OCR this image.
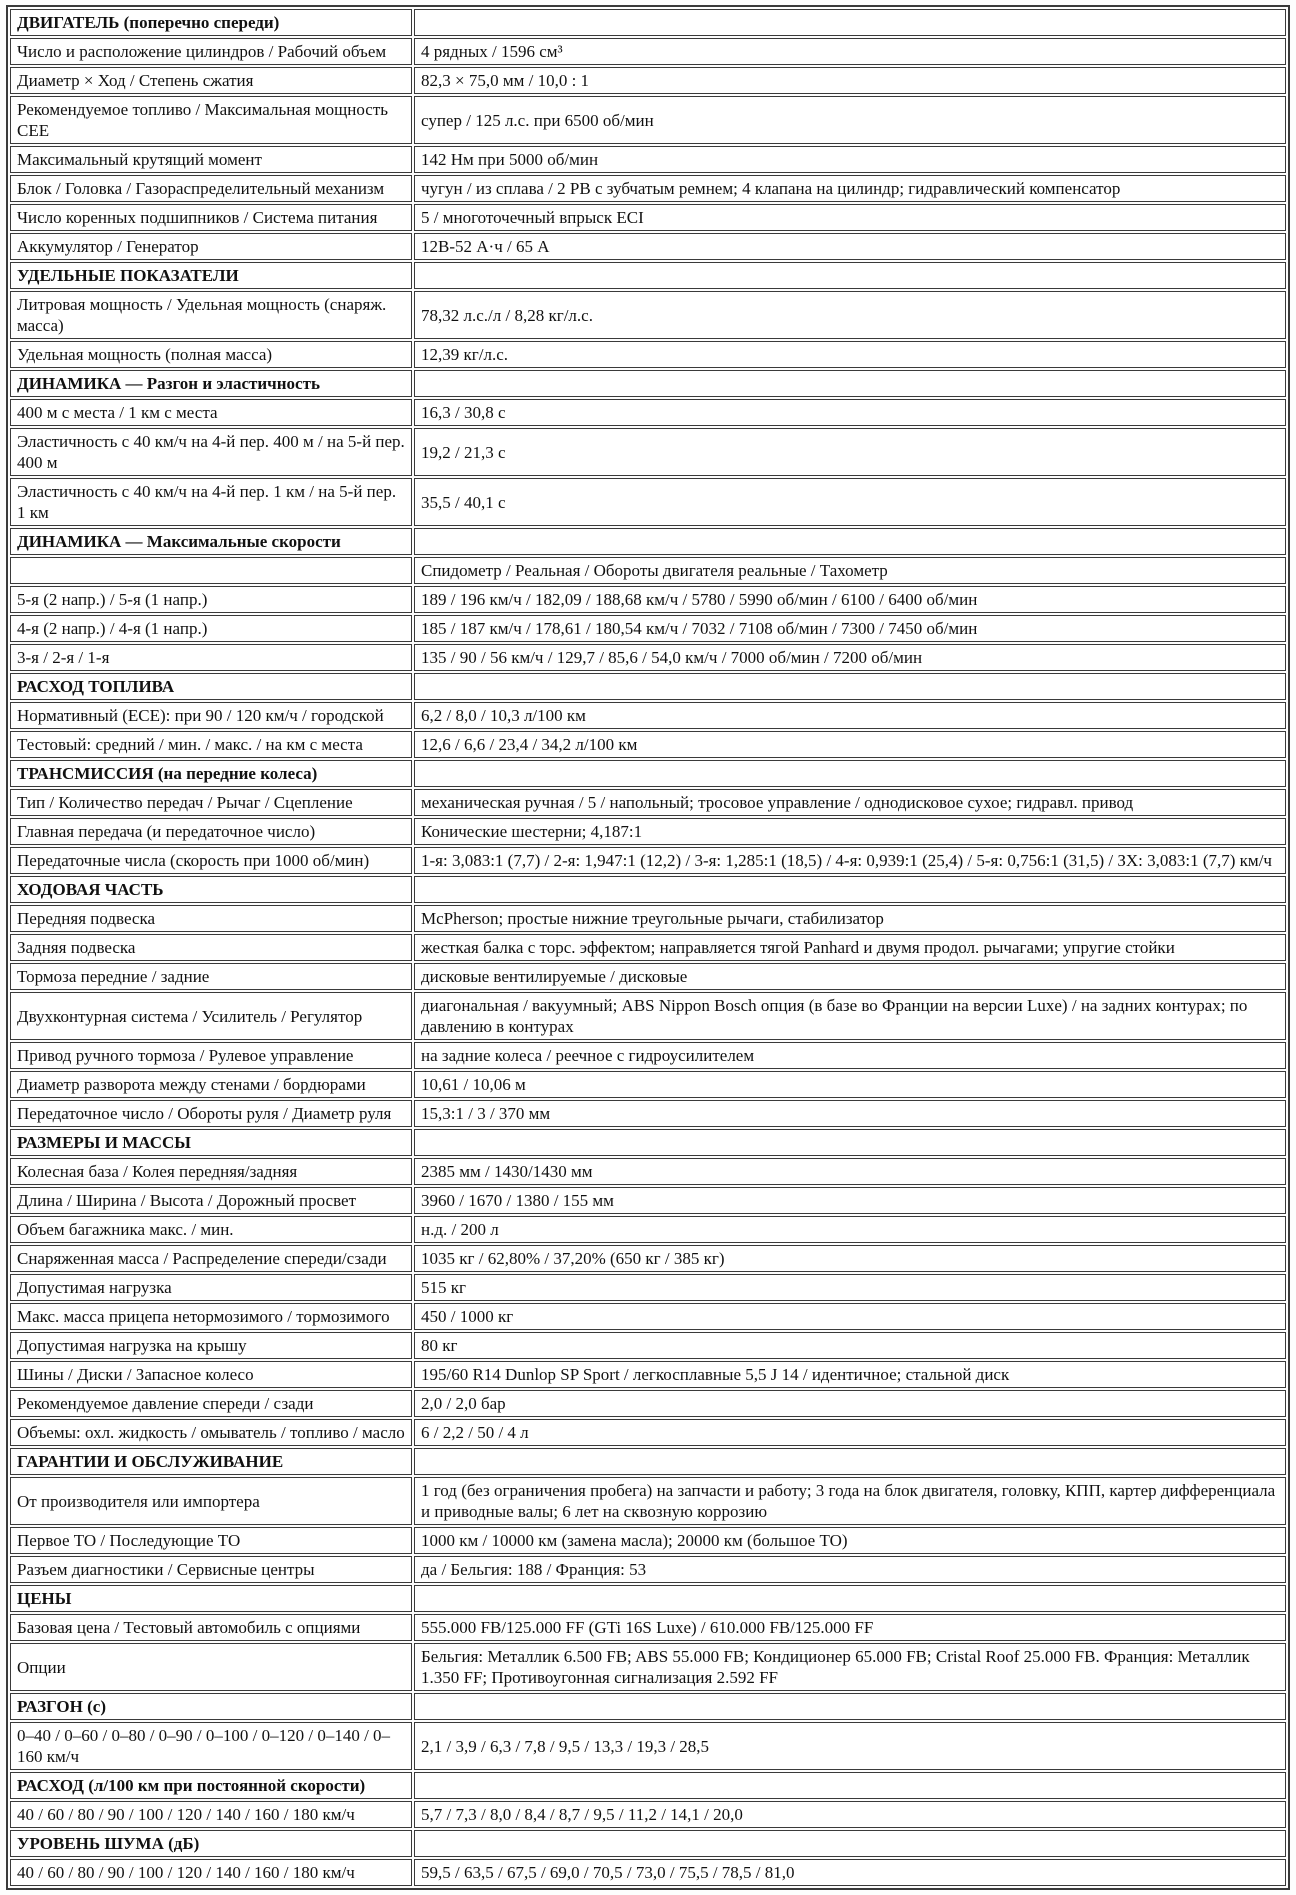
ДВИГАТЕЛЬ (поперечно спереди)	
Число и расположение цилиндров / Рабочий объем	4 рядных / 1596 см³
Диаметр × Ход / Степень сжатия	82,3 × 75,0 мм / 10,0 : 1
Рекомендуемое топливо / Максимальная мощность CEE	супер / 125 л.с. при 6500 об/мин
Максимальный крутящий момент	142 Нм при 5000 об/мин
Блок / Головка / Газораспределительный механизм	чугун / из сплава / 2 РВ с зубчатым ремнем; 4 клапана на цилиндр; гидравлический компенсатор
Число коренных подшипников / Система питания	5 / многоточечный впрыск ECI
Аккумулятор / Генератор	12В-52 А·ч / 65 А
УДЕЛЬНЫЕ ПОКАЗАТЕЛИ	
Литровая мощность / Удельная мощность (снаряж. масса)	78,32 л.с./л / 8,28 кг/л.с.
Удельная мощность (полная масса)	12,39 кг/л.с.
ДИНАМИКА — Разгон и эластичность	
400 м с места / 1 км с места	16,3 / 30,8 с
Эластичность с 40 км/ч на 4-й пер. 400 м / на 5-й пер. 400 м	19,2 / 21,3 с
Эластичность с 40 км/ч на 4-й пер. 1 км / на 5-й пер. 1 км	35,5 / 40,1 с
ДИНАМИКА — Максимальные скорости	
	Спидометр / Реальная / Обороты двигателя реальные / Тахометр
5-я (2 напр.) / 5-я (1 напр.)	189 / 196 км/ч / 182,09 / 188,68 км/ч / 5780 / 5990 об/мин / 6100 / 6400 об/мин
4-я (2 напр.) / 4-я (1 напр.)	185 / 187 км/ч / 178,61 / 180,54 км/ч / 7032 / 7108 об/мин / 7300 / 7450 об/мин
3-я / 2-я / 1-я	135 / 90 / 56 км/ч / 129,7 / 85,6 / 54,0 км/ч / 7000 об/мин / 7200 об/мин
РАСХОД ТОПЛИВА	
Нормативный (ЕСЕ): при 90 / 120 км/ч / городской	6,2 / 8,0 / 10,3 л/100 км
Тестовый: средний / мин. / макс. / на км с места	12,6 / 6,6 / 23,4 / 34,2 л/100 км
ТРАНСМИССИЯ (на передние колеса)	
Тип / Количество передач / Рычаг / Сцепление	механическая ручная / 5 / напольный; тросовое управление / однодисковое сухое; гидравл. привод
Главная передача (и передаточное число)	Конические шестерни; 4,187:1
Передаточные числа (скорость при 1000 об/мин)	1-я: 3,083:1 (7,7) / 2-я: 1,947:1 (12,2) / 3-я: 1,285:1 (18,5) / 4-я: 0,939:1 (25,4) / 5-я: 0,756:1 (31,5) / ЗХ: 3,083:1 (7,7) км/ч
ХОДОВАЯ ЧАСТЬ	
Передняя подвеска	McPherson; простые нижние треугольные рычаги, стабилизатор
Задняя подвеска	жесткая балка с торс. эффектом; направляется тягой Panhard и двумя продол. рычагами; упругие стойки
Тормоза передние / задние	дисковые вентилируемые / дисковые
Двухконтурная система / Усилитель / Регулятор	диагональная / вакуумный; ABS Nippon Bosch опция (в базе во Франции на версии Luxe) / на задних контурах; по давлению в контурах
Привод ручного тормоза / Рулевое управление	на задние колеса / реечное с гидроусилителем
Диаметр разворота между стенами / бордюрами	10,61 / 10,06 м
Передаточное число / Обороты руля / Диаметр руля	15,3:1 / 3 / 370 мм
РАЗМЕРЫ И МАССЫ	
Колесная база / Колея передняя/задняя	2385 мм / 1430/1430 мм
Длина / Ширина / Высота / Дорожный просвет	3960 / 1670 / 1380 / 155 мм
Объем багажника макс. / мин.	н.д. / 200 л
Снаряженная масса / Распределение спереди/сзади	1035 кг / 62,80% / 37,20% (650 кг / 385 кг)
Допустимая нагрузка	515 кг
Макс. масса прицепа нетормозимого / тормозимого	450 / 1000 кг
Допустимая нагрузка на крышу	80 кг
Шины / Диски / Запасное колесо	195/60 R14 Dunlop SP Sport / легкосплавные 5,5 J 14 / идентичное; стальной диск
Рекомендуемое давление спереди / сзади	2,0 / 2,0 бар
Объемы: охл. жидкость / омыватель / топливо / масло	6 / 2,2 / 50 / 4 л
ГАРАНТИИ И ОБСЛУЖИВАНИЕ	
От производителя или импортера	1 год (без ограничения пробега) на запчасти и работу; 3 года на блок двигателя, головку, КПП, картер дифференциала и приводные валы; 6 лет на сквозную коррозию
Первое ТО / Последующие ТО	1000 км / 10000 км (замена масла); 20000 км (большое ТО)
Разъем диагностики / Сервисные центры	да / Бельгия: 188 / Франция: 53
ЦЕНЫ	
Базовая цена / Тестовый автомобиль с опциями	555.000 FB/125.000 FF (GTi 16S Luxe) / 610.000 FB/125.000 FF
Опции	Бельгия: Металлик 6.500 FB; ABS 55.000 FB; Кондиционер 65.000 FB; Cristal Roof 25.000 FB. Франция: Металлик 1.350 FF; Противоугонная сигнализация 2.592 FF
РАЗГОН (с)	
0–40 / 0–60 / 0–80 / 0–90 / 0–100 / 0–120 / 0–140 / 0–160 км/ч	2,1 / 3,9 / 6,3 / 7,8 / 9,5 / 13,3 / 19,3 / 28,5
РАСХОД (л/100 км при постоянной скорости)	
40 / 60 / 80 / 90 / 100 / 120 / 140 / 160 / 180 км/ч	5,7 / 7,3 / 8,0 / 8,4 / 8,7 / 9,5 / 11,2 / 14,1 / 20,0
УРОВЕНЬ ШУМА (дБ)	
40 / 60 / 80 / 90 / 100 / 120 / 140 / 160 / 180 км/ч	59,5 / 63,5 / 67,5 / 69,0 / 70,5 / 73,0 / 75,5 / 78,5 / 81,0
